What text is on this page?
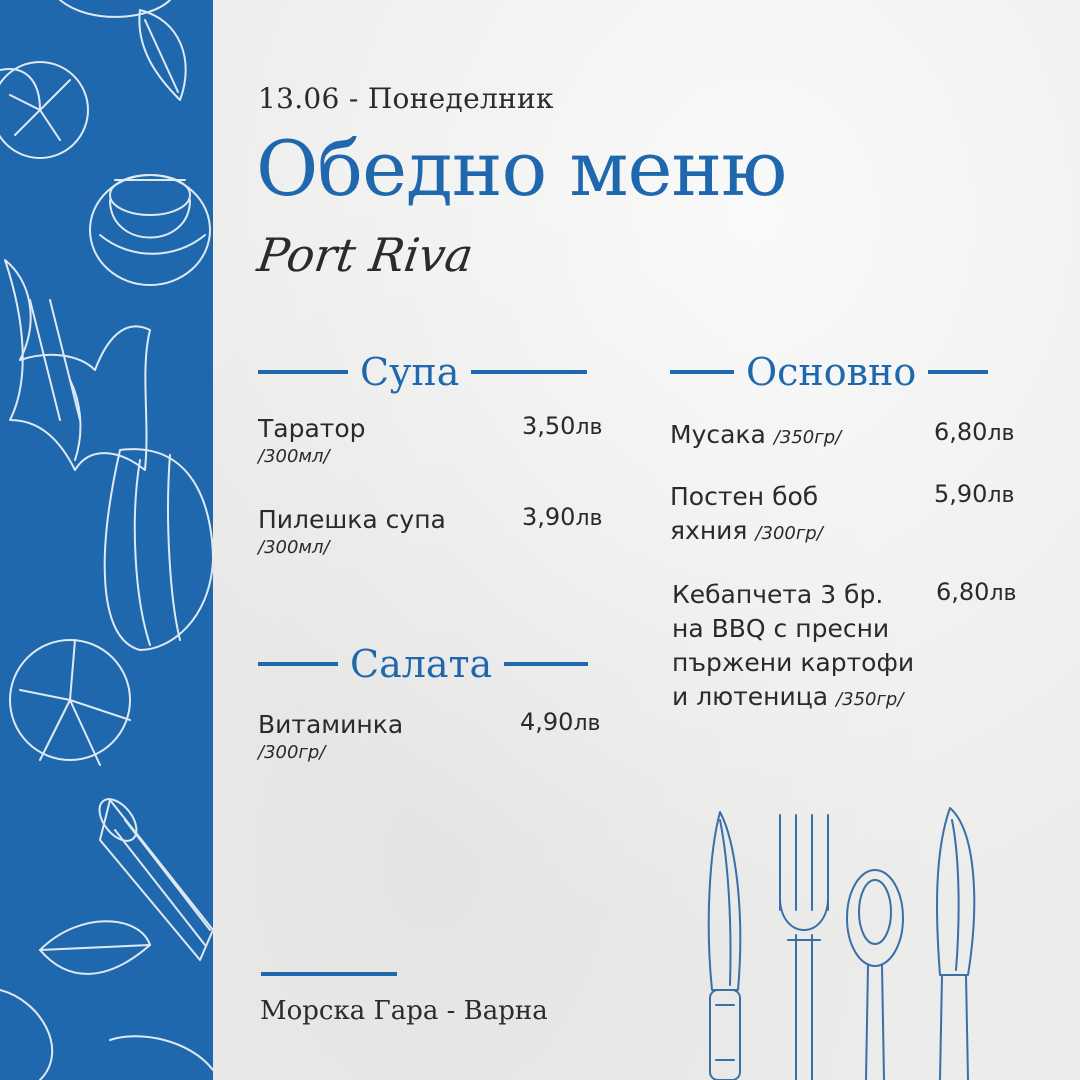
13.06 - Понеделник
Обедно меню
Port Riva
Супа
Таратор
/300мл/
3,50лв
Пилешка супа
/300мл/
3,90лв
Салата
Витаминка
/300гр/
4,90лв
Основно
Мусака /350гр/	6,80лв
Постен боб
яхния /300гр/
5,90лв
Кебапчета 3 бр.
на BBQ с пресни
пържени картофи
и лютеница /350гр/
6,80лв
Морска Гара - Варна
